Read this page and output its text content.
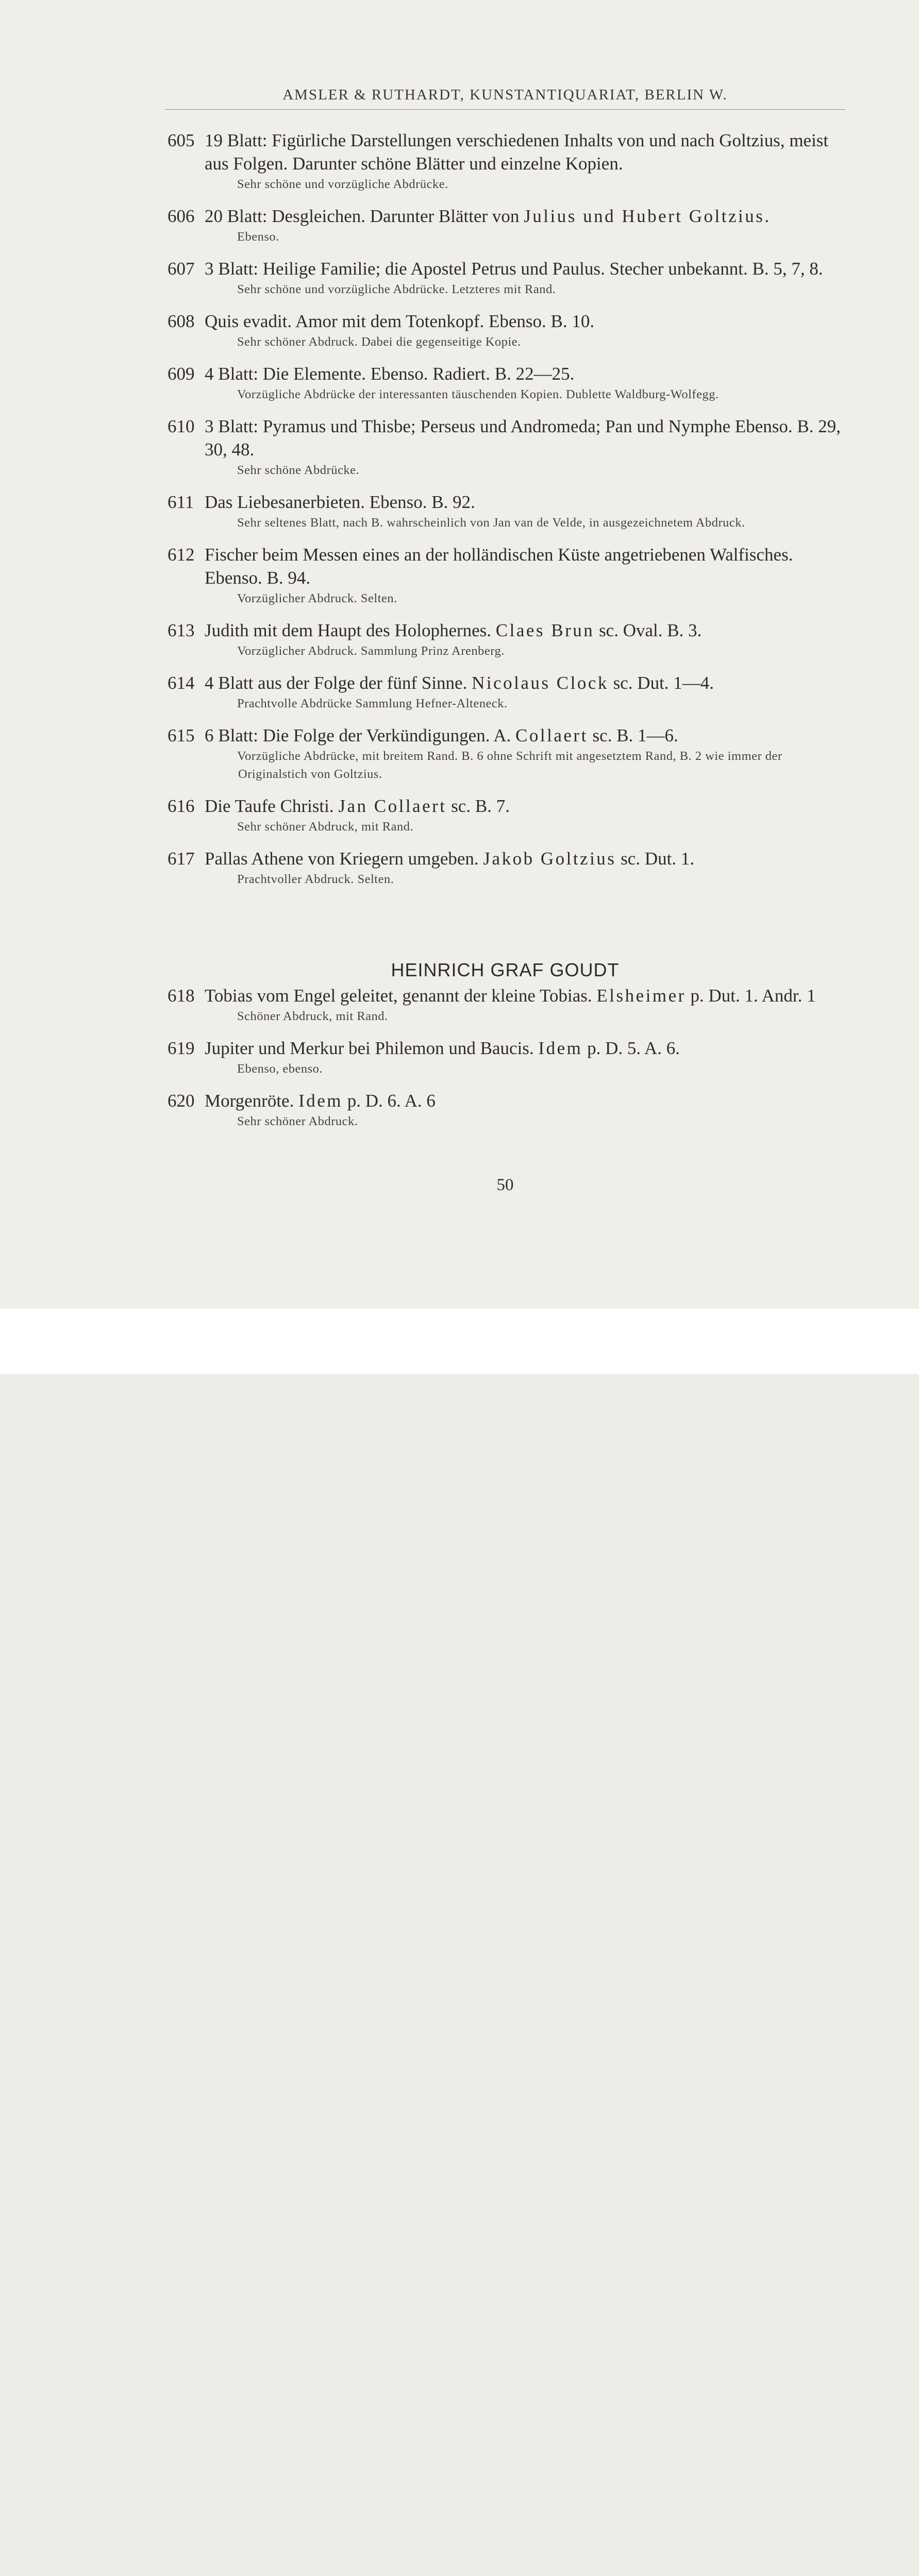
AMSLER & RUTHARDT, KUNSTANTIQUARIAT, BERLIN W.
605 19 Blatt: Figürliche Darstellungen verschiedenen Inhalts von und nach Goltzius, meist aus Folgen. Darunter schöne Blätter und einzelne Kopien.
Sehr schöne und vorzügliche Abdrücke.
606 20 Blatt: Desgleichen. Darunter Blätter von Julius und Hubert Goltzius.
Ebenso.
607 3 Blatt: Heilige Familie; die Apostel Petrus und Paulus. Stecher unbekannt. B. 5, 7, 8.
Sehr schöne und vorzügliche Abdrücke. Letzteres mit Rand.
608 Quis evadit. Amor mit dem Totenkopf. Ebenso. B. 10.
Sehr schöner Abdruck. Dabei die gegenseitige Kopie.
609 4 Blatt: Die Elemente. Ebenso. Radiert. B. 22—25.
Vorzügliche Abdrücke der interessanten täuschenden Kopien. Dublette Waldburg-Wolfegg.
610 3 Blatt: Pyramus und Thisbe; Perseus und Andromeda; Pan und Nymphe Ebenso. B. 29, 30, 48.
Sehr schöne Abdrücke.
611 Das Liebesanerbieten. Ebenso. B. 92.
Sehr seltenes Blatt, nach B. wahrscheinlich von Jan van de Velde, in ausgezeichnetem Abdruck.
612 Fischer beim Messen eines an der holländischen Küste angetriebenen Walfisches. Ebenso. B. 94.
Vorzüglicher Abdruck. Selten.
613 Judith mit dem Haupt des Holophernes. Claes Brun sc. Oval. B. 3.
Vorzüglicher Abdruck. Sammlung Prinz Arenberg.
614 4 Blatt aus der Folge der fünf Sinne. Nicolaus Clock sc. Dut. 1—4.
Prachtvolle Abdrücke Sammlung Hefner-Alteneck.
615 6 Blatt: Die Folge der Verkündigungen. A. Collaert sc. B. 1—6.
Vorzügliche Abdrücke, mit breitem Rand. B. 6 ohne Schrift mit angesetztem Rand, B. 2 wie immer der Originalstich von Goltzius.
616 Die Taufe Christi. Jan Collaert sc. B. 7.
Sehr schöner Abdruck, mit Rand.
617 Pallas Athene von Kriegern umgeben. Jakob Goltzius sc. Dut. 1.
Prachtvoller Abdruck. Selten.
HEINRICH GRAF GOUDT
618 Tobias vom Engel geleitet, genannt der kleine Tobias. Elsheimer p. Dut. 1. Andr. 1
Schöner Abdruck, mit Rand.
619 Jupiter und Merkur bei Philemon und Baucis. Idem p. D. 5. A. 6.
Ebenso, ebenso.
620 Morgenröte. Idem p. D. 6. A. 6
Sehr schöner Abdruck.
50
